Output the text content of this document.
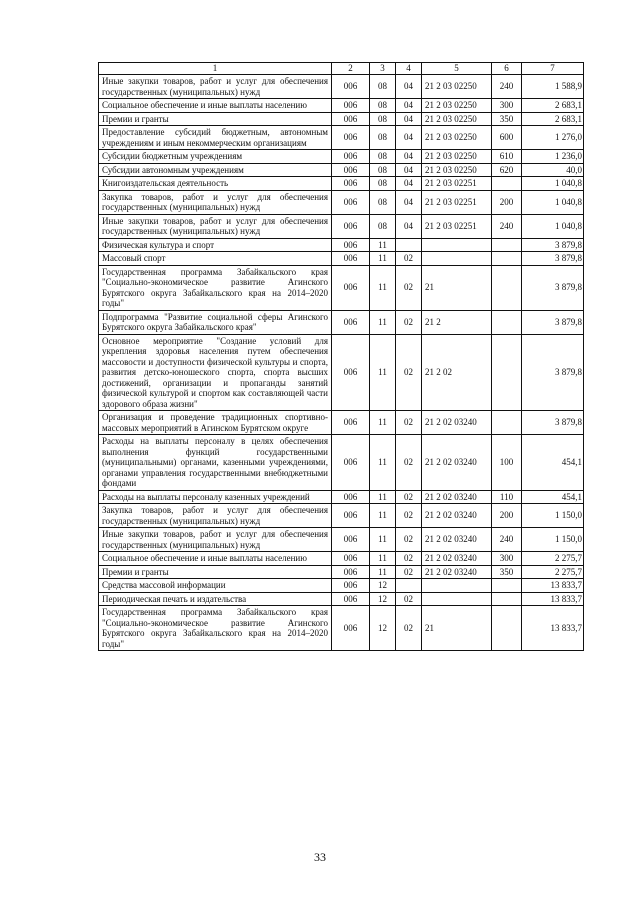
1	2	3	4	5	6	7
Иные закупки товаров, работ и услуг для обеспечения государственных (муниципальных) нужд	006	08	04	21 2 03 02250	240	1 588,9
Социальное обеспечение и иные выплаты населению	006	08	04	21 2 03 02250	300	2 683,1
Премии и гранты	006	08	04	21 2 03 02250	350	2 683,1
Предоставление субсидий бюджетным, автономным учреждениям и иным некоммерческим организациям	006	08	04	21 2 03 02250	600	1 276,0
Субсидии бюджетным учреждениям	006	08	04	21 2 03 02250	610	1 236,0
Субсидии автономным учреждениям	006	08	04	21 2 03 02250	620	40,0
Книгоиздательская деятельность	006	08	04	21 2 03 02251		1 040,8
Закупка товаров, работ и услуг для обеспечения государственных (муниципальных) нужд	006	08	04	21 2 03 02251	200	1 040,8
Иные закупки товаров, работ и услуг для обеспечения государственных (муниципальных) нужд	006	08	04	21 2 03 02251	240	1 040,8
Физическая культура и спорт	006	11				3 879,8
Массовый спорт	006	11	02			3 879,8
Государственная программа Забайкальского края "Социально-экономическое развитие Агинского Бурятского округа Забайкальского края на 2014–2020 годы"	006	11	02	21		3 879,8
Подпрограмма "Развитие социальной сферы Агинского Бурятского округа Забайкальского края"	006	11	02	21 2		3 879,8
Основное мероприятие "Создание условий для укрепления здоровья населения путем обеспечения массовости и доступности физической культуры и спорта, развития детско-юношеского спорта, спорта высших достижений, организации и пропаганды занятий физической культурой и спортом как составляющей части здорового образа жизни"	006	11	02	21 2 02		3 879,8
Организация и проведение традиционных спортивно-массовых мероприятий в Агинском Бурятском округе	006	11	02	21 2 02 03240		3 879,8
Расходы на выплаты персоналу в целях обеспечения выполнения функций государственными (муниципальными) органами, казенными учреждениями, органами управления государственными внебюджетными фондами	006	11	02	21 2 02 03240	100	454,1
Расходы на выплаты персоналу казенных учреждений	006	11	02	21 2 02 03240	110	454,1
Закупка товаров, работ и услуг для обеспечения государственных (муниципальных) нужд	006	11	02	21 2 02 03240	200	1 150,0
Иные закупки товаров, работ и услуг для обеспечения государственных (муниципальных) нужд	006	11	02	21 2 02 03240	240	1 150,0
Социальное обеспечение и иные выплаты населению	006	11	02	21 2 02 03240	300	2 275,7
Премии и гранты	006	11	02	21 2 02 03240	350	2 275,7
Средства массовой информации	006	12				13 833,7
Периодическая печать и издательства	006	12	02			13 833,7
Государственная программа Забайкальского края "Социально-экономическое развитие Агинского Бурятского округа Забайкальского края на 2014–2020 годы"	006	12	02	21		13 833,7
33
